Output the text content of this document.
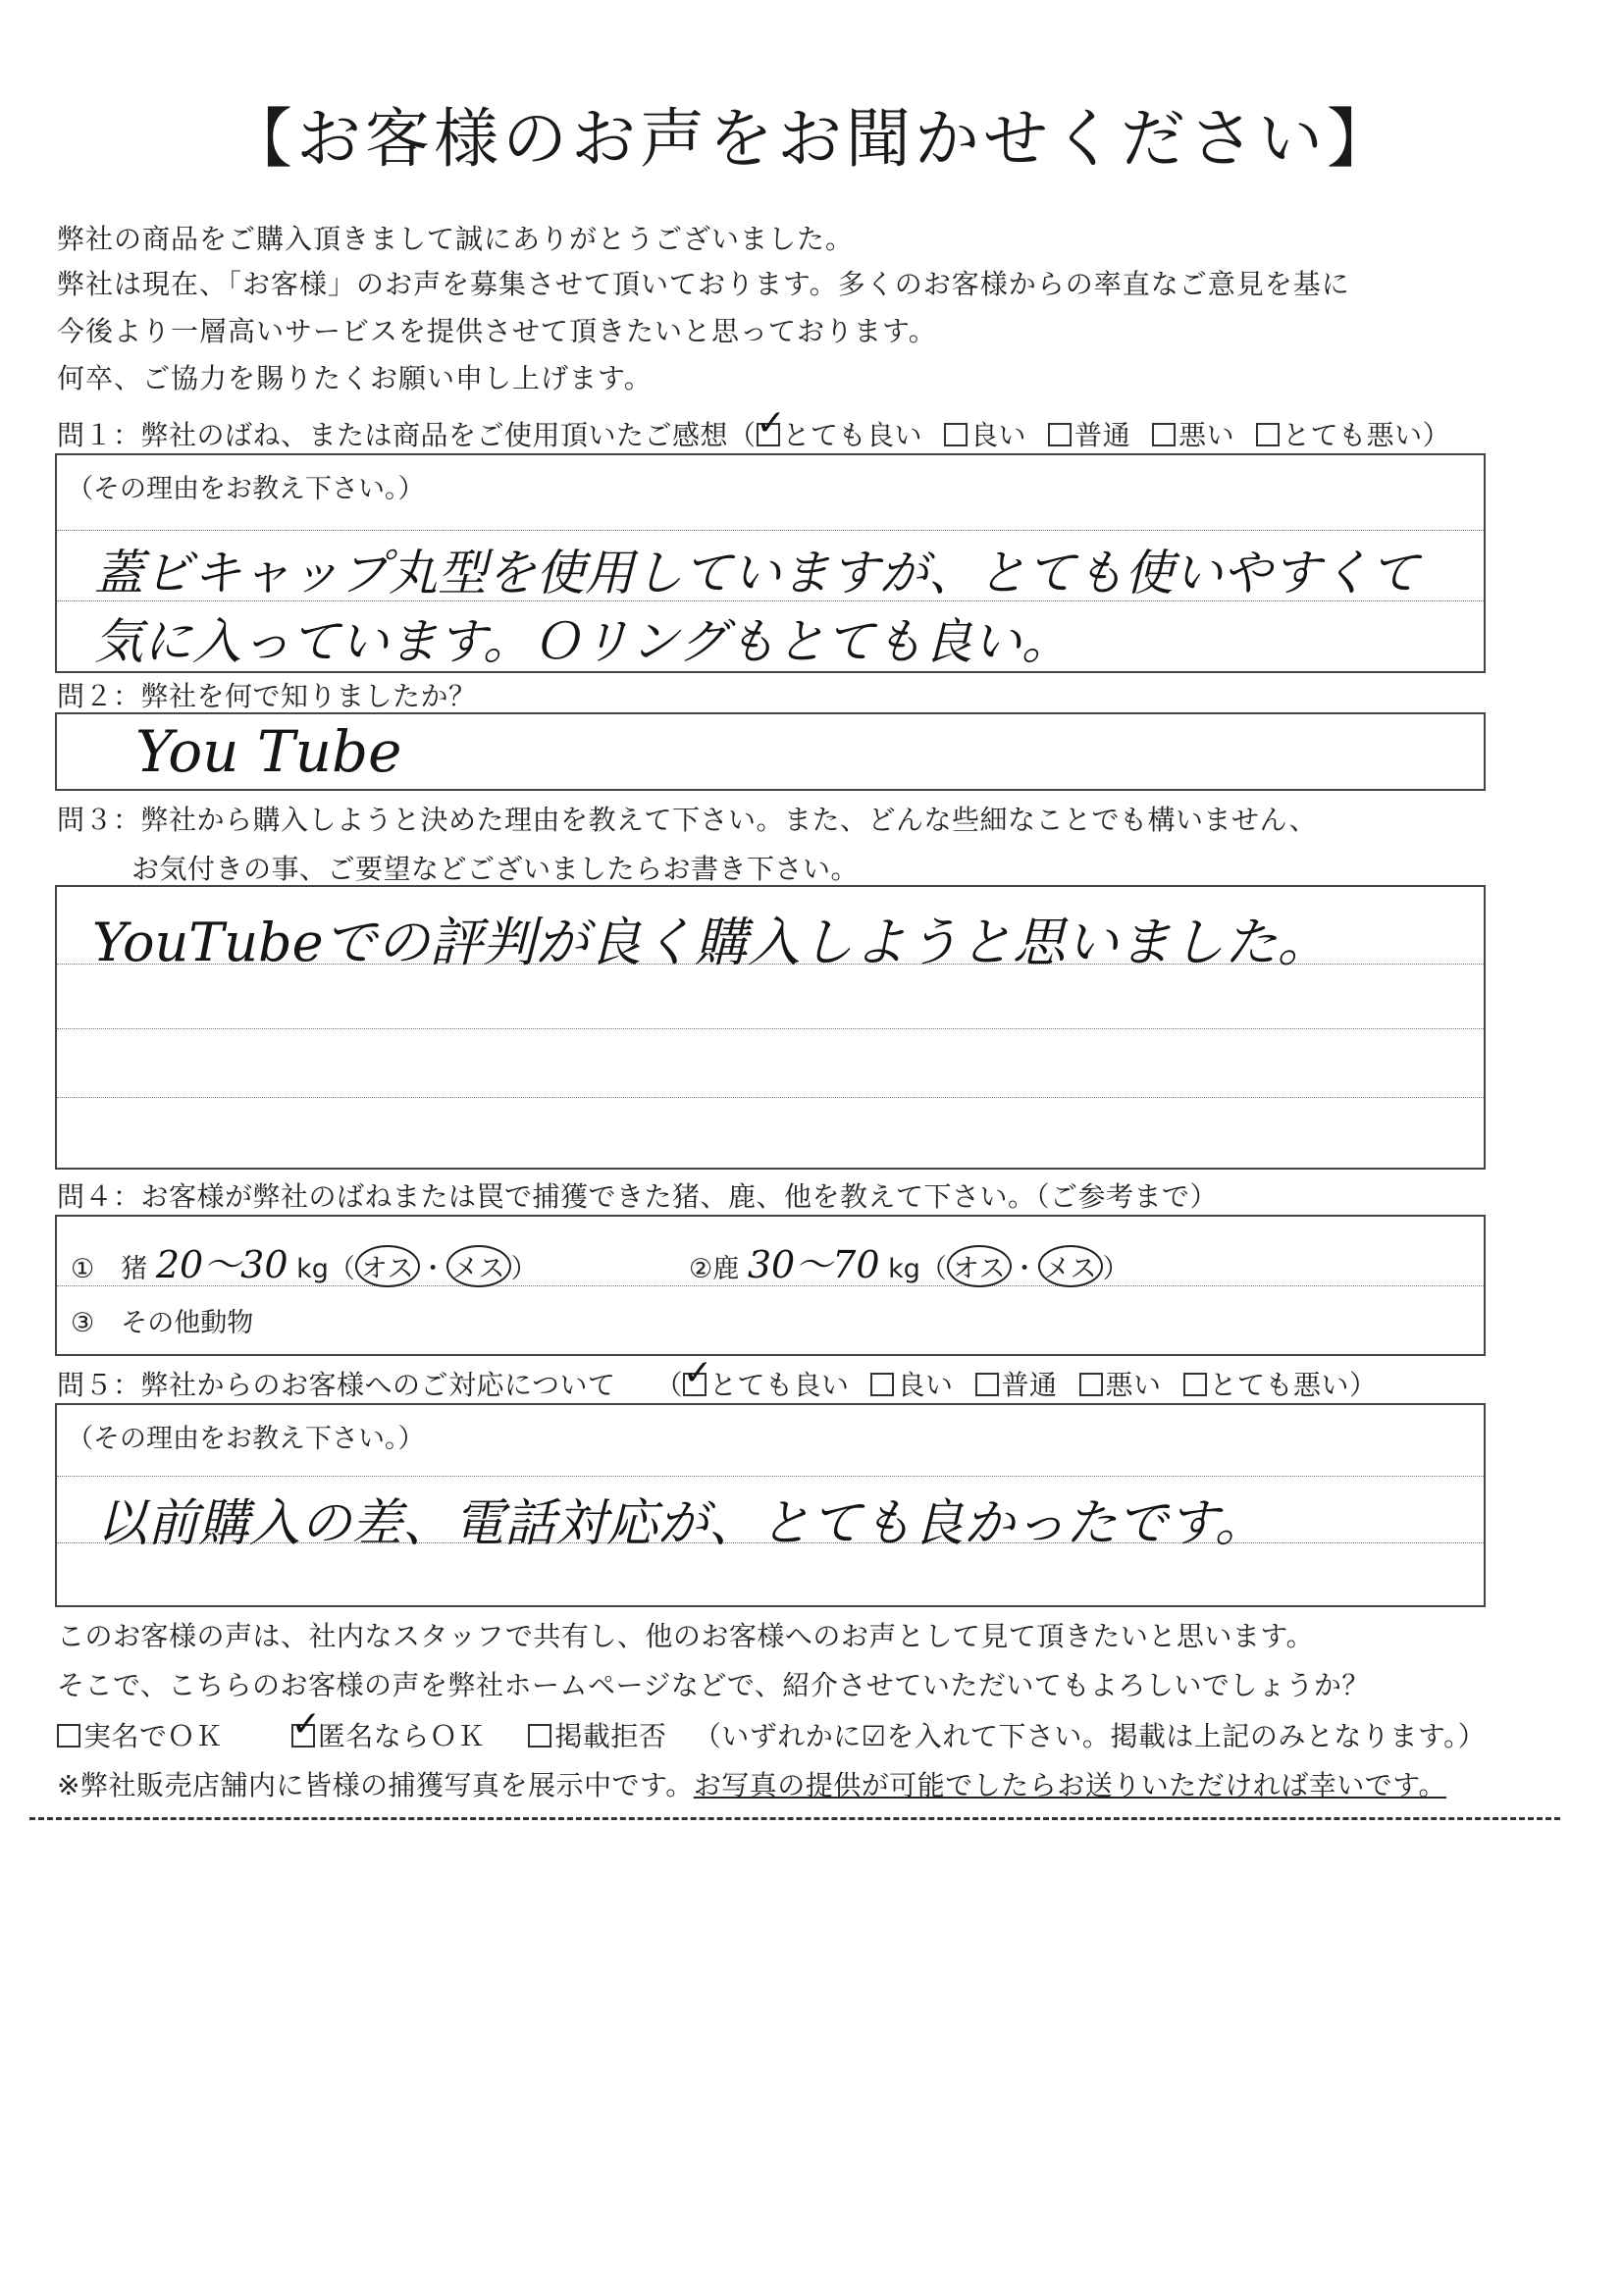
【お客様のお声をお聞かせください】
弊社の商品をご購入頂きまして誠にありがとうございました。
弊社は現在、「お客様」のお声を募集させて頂いております。多くのお客様からの率直なご意見を基に
今後より一層高いサービスを提供させて頂きたいと思っております。
何卒、ご協力を賜りたくお願い申し上げます。
問１：弊社のばね、または商品をご使用頂いたご感想（ ✓ とても良い 良い 普通 悪い とても悪い）
（その理由をお教え下さい。）
蓋ビキャップ丸型を使用していますが、とても使いやすくて
気に入っています。Ｏリングもとても良い。
問２：弊社を何で知りましたか？
You Tube
問３：弊社から購入しようと決めた理由を教えて下さい。また、どんな些細なことでも構いません、
お気付きの事、ご要望などございましたらお書き下さい。
YouTubeでの評判が良く購入しようと思いました。
問４：お客様が弊社のばねまたは罠で捕獲できた猪、鹿、他を教えて下さい。（ご参考まで）
①　猪 20～30 kg（ オス ・ メス ）	②鹿 30～70 kg（ オス ・ メス ）
③　その他動物
問５：弊社からのお客様へのご対応について （ ✓ とても良い 良い 普通 悪い とても悪い）
（その理由をお教え下さい。）
以前購入の差、電話対応が、とても良かったです。
このお客様の声は、社内なスタッフで共有し、他のお客様へのお声として見て頂きたいと思います。
そこで、こちらのお客様の声を弊社ホームページなどで、紹介させていただいてもよろしいでしょうか？
実名でＯＫ ✓	匿名ならＯＫ	掲載拒否 （いずれかに☑を入れて下さい。掲載は上記のみとなります。）
※弊社販売店舗内に皆様の捕獲写真を展示中です。お写真の提供が可能でしたらお送りいただければ幸いです。
